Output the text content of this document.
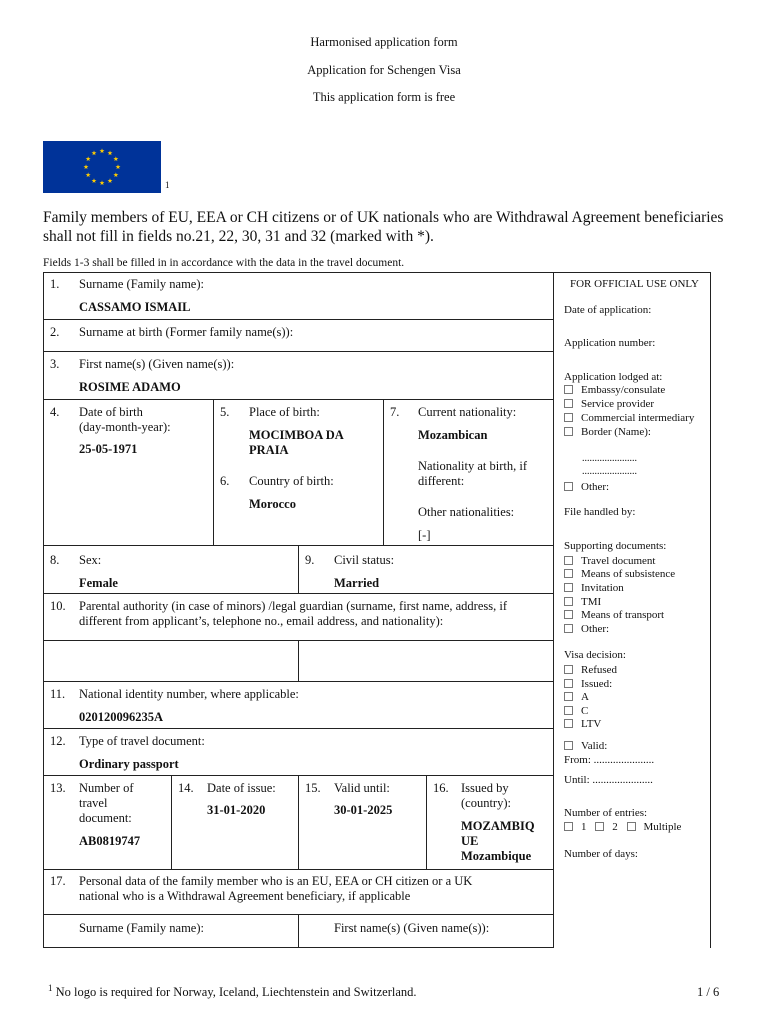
Harmonised application form
Application for Schengen Visa
This application form is free
1
Family members of EU, EEA or CH citizens or of UK nationals who are Withdrawal Agreement beneficiaries shall not fill in fields no.21, 22, 30, 31 and 32 (marked with *).
Fields 1-3 shall be filled in in accordance with the data in the travel document.
1. Surname (Family name):
CASSAMO ISMAIL
2. Surname at birth (Former family name(s)):
3. First name(s) (Given name(s)):
ROSIME ADAMO
4. Date of birth
(day-month-year):
25-05-1971
5. Place of birth:
MOCIMBOA DA
PRAIA
6. Country of birth:
Morocco
7. Current nationality:
Mozambican
Nationality at birth, if
different:
Other nationalities:
[-]
8. Sex:
Female
9. Civil status:
Married
10. Parental authority (in case of minors) /legal guardian (surname, first name, address, if
different from applicant’s, telephone no., email address, and nationality):
11. National identity number, where applicable:
020120096235A
12. Type of travel document:
Ordinary passport
13. Number of
travel
document:
AB0819747
14. Date of issue:
31-01-2020
15. Valid until:
30-01-2025
16. Issued by
(country):
MOZAMBIQ
UE
Mozambique
17. Personal data of the family member who is an EU, EEA or CH citizen or a UK
national who is a Withdrawal Agreement beneficiary, if applicable
Surname (Family name):	First name(s) (Given name(s)):
FOR OFFICIAL USE ONLY
Date of application:
Application number:
Application lodged at:
Embassy/consulate
Service provider
Commercial intermediary
Border (Name):
......................
......................
Other:
File handled by:
Supporting documents:
Travel document
Means of subsistence
Invitation
TMI
Means of transport
Other:
Visa decision:
Refused
Issued:
A
C
LTV
Valid:
From: ......................
Until: ......................
Number of entries:
1 2 Multiple
Number of days:
$^1$ No logo is required for Norway, Iceland, Liechtenstein and Switzerland.	1 / 6
